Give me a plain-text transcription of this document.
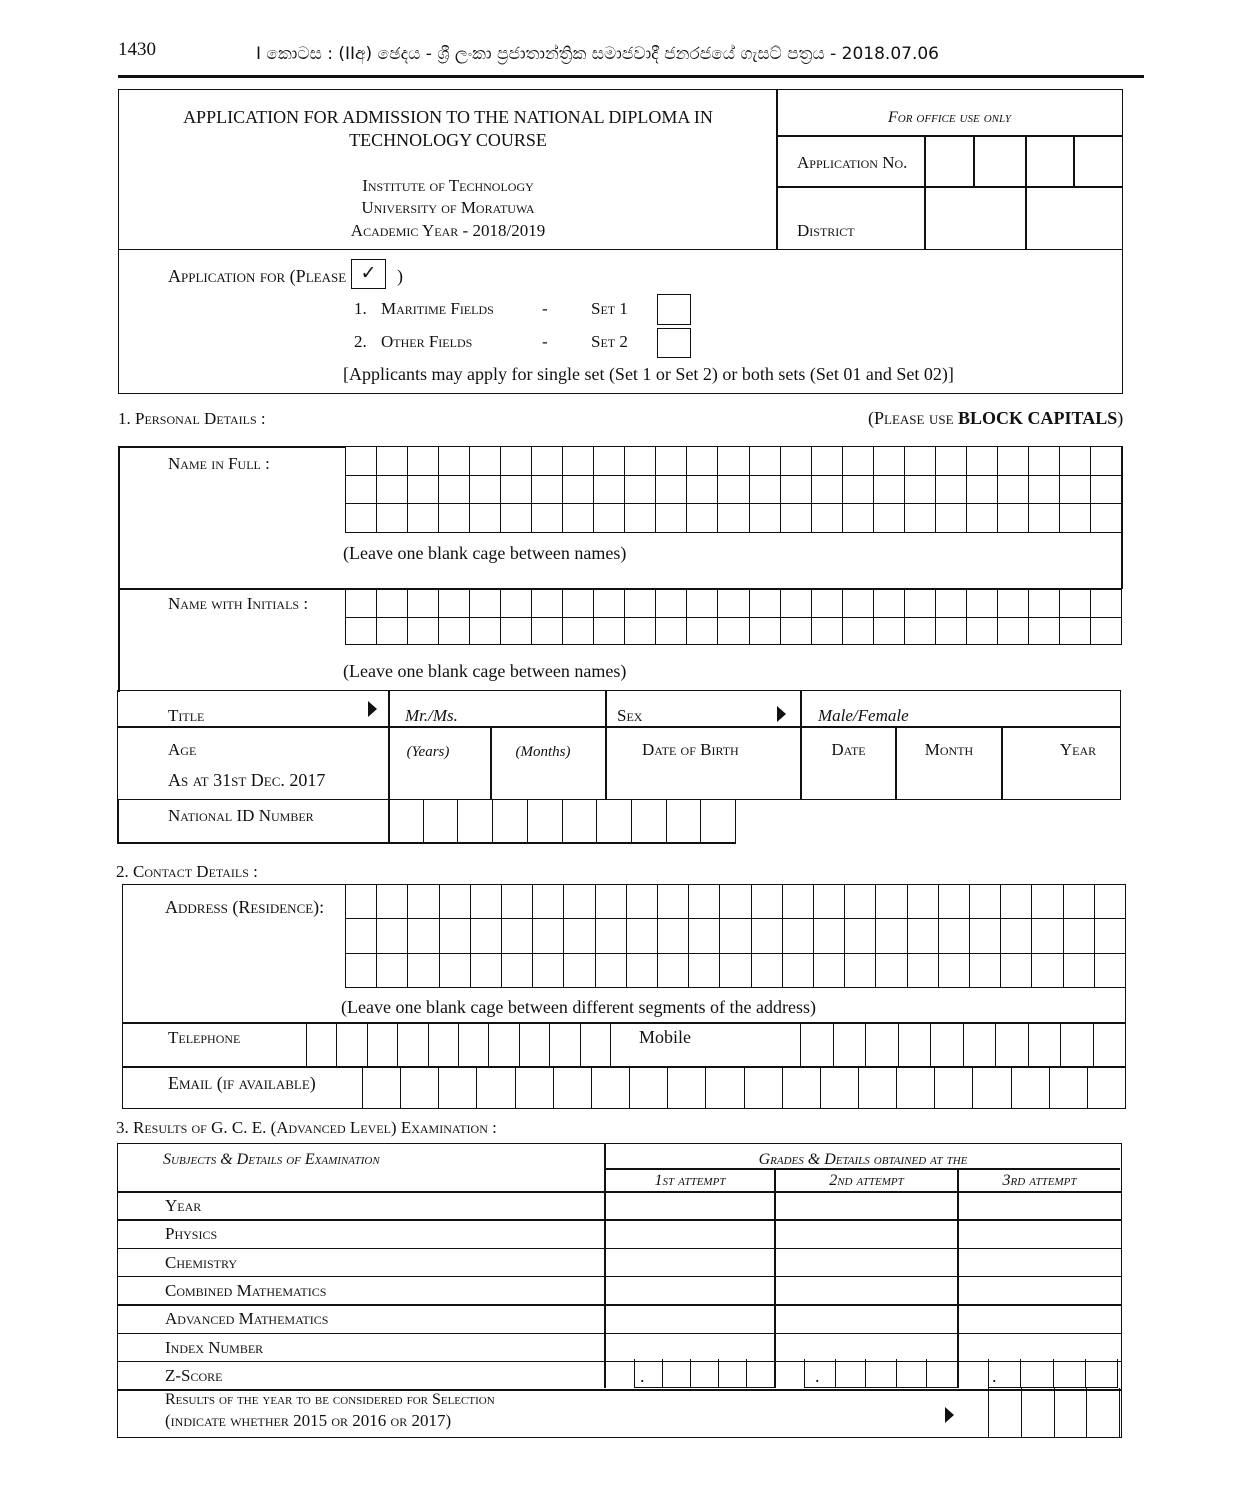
1430	I කොටස : (IIඅ) ඡෙදය - ශ්‍රී ලංකා ප්‍රජාතාන්ත්‍රික සමාජවාදී ජනරජයේ ගැසට් පත්‍රය - 2018.07.06
APPLICATION FOR ADMISSION TO THE NATIONAL DIPLOMA IN
TECHNOLOGY COURSE
Institute of Technology
University of Moratuwa
Academic Year - 2018/2019
For office use only
Application No.
District
Application for (Please ✓	)
1. Maritime Fields	-	Set 1
2. Other Fields	-	Set 2
[Applicants may apply for single set (Set 1 or Set 2) or both sets (Set 01 and Set 02)]
1. Personal Details :	(Please use BLOCK CAPITALS)
Name in Full :
(Leave one blank cage between names)
Name with Initials :
(Leave one blank cage between names)
Title	Mr./Ms.	Sex	Male/Female
Age
As at 31st Dec. 2017
(Years)	(Months)	Date of Birth	Date	Month	Year
National ID Number
2. Contact Details :
Address (Residence):
(Leave one blank cage between different segments of the address)
Telephone	Mobile
Email (if available)
3. Results of G. C. E. (Advanced Level) Examination :
Subjects & Details of Examination	Grades & Details obtained at the
1st attempt	2nd attempt	3rd attempt
Year
Physics
Chemistry
Combined Mathematics
Advanced Mathematics
Index Number
Z-Score	.	.	.
Results of the year to be considered for Selection
(indicate whether 2015 or 2016 or 2017)
